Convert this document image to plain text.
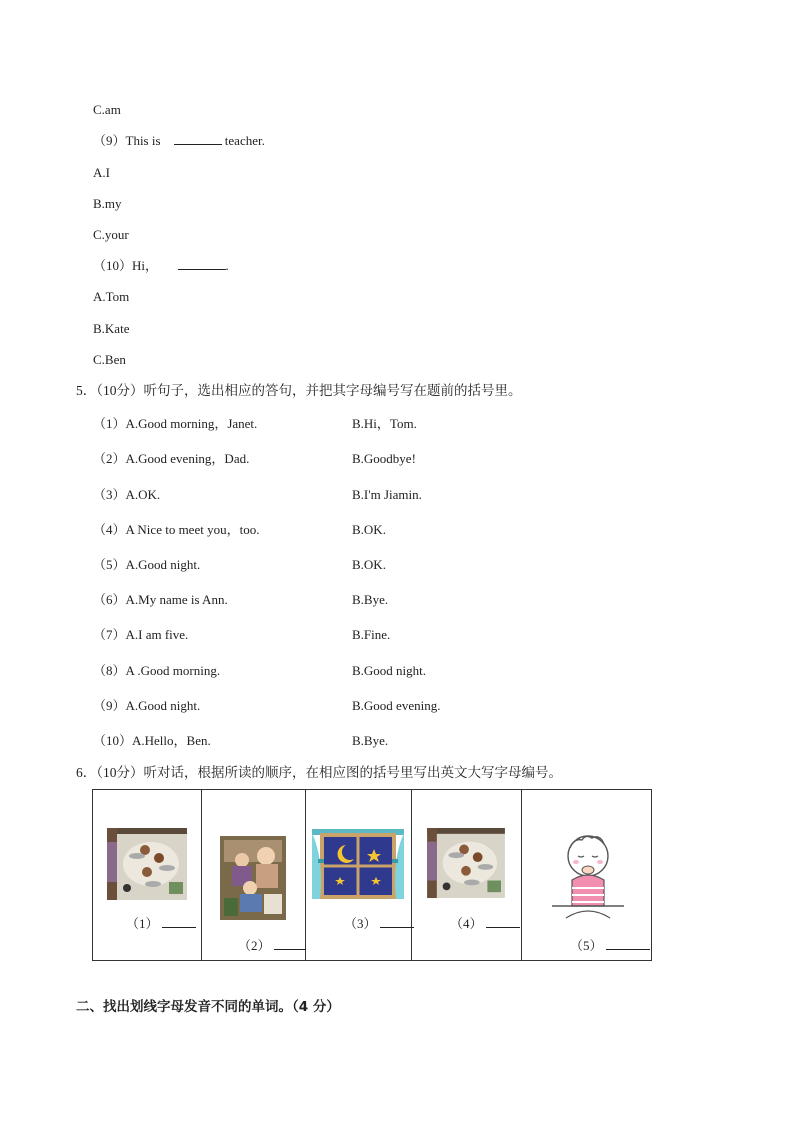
C.am
（9）This is	teacher.
A.I
B.my
C.your
（10）Hi，	.
A.Tom
B.Kate
C.Ben
5．（10分）听句子，选出相应的答句，并把其字母编号写在题前的括号里。
（1）A.Good morning，Janet.	B.Hi，Tom.
（2）A.Good evening，Dad.	B.Goodbye!
（3）A.OK.	B.I'm Jiamin.
（4）A Nice to meet you，too.	B.OK.
（5）A.Good night.	B.OK.
（6）A.My name is Ann.	B.Bye.
（7）A.I am five.	B.Fine.
（8）A .Good morning.	B.Good night.
（9）A.Good night.	B.Good evening.
（10）A.Hello，Ben.	B.Bye.
6．（10分）听对话，根据所读的顺序，在相应图的括号里写出英文大写字母编号。
（1）

（2）

（3）	（4）

（5）
二、找出划线字母发音不同的单词。（4 分）
